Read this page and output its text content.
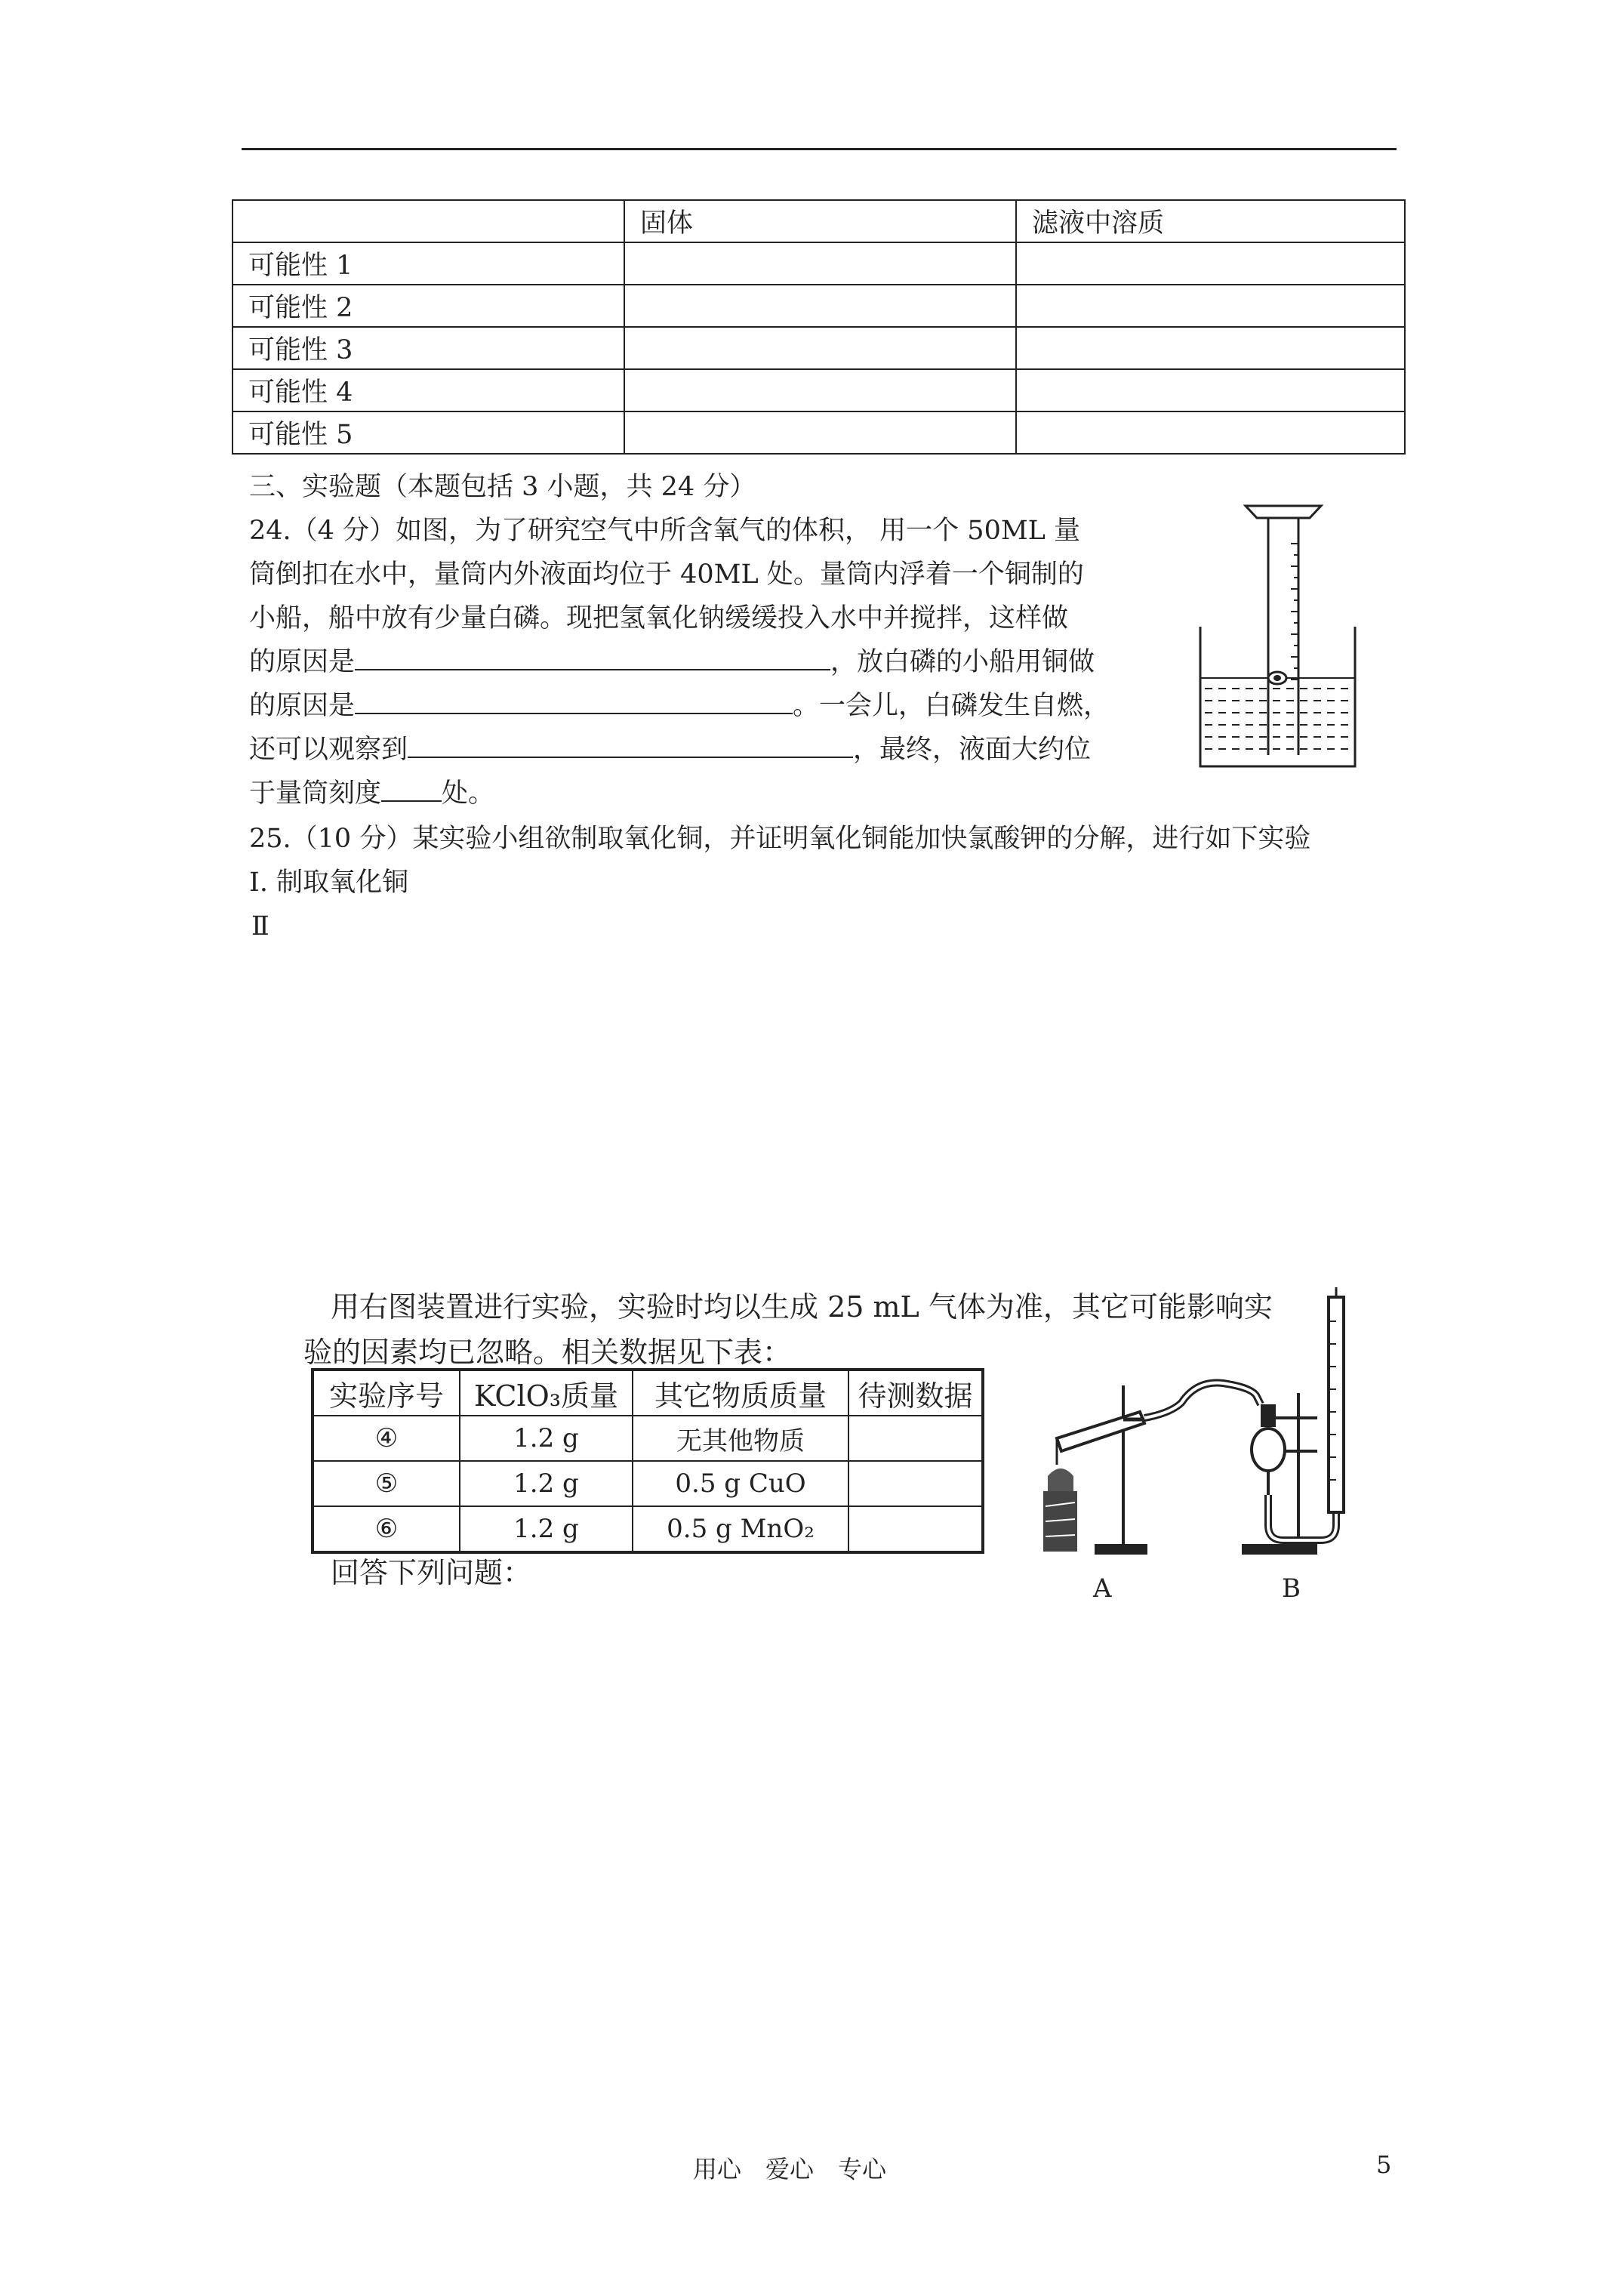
	固体	滤液中溶质
可能性 1		
可能性 2		
可能性 3		
可能性 4		
可能性 5		
三、实验题（本题包括 3 小题，共 24 分）
24.（4 分）如图，为了研究空气中所含氧气的体积， 用一个 50ML 量
筒倒扣在水中，量筒内外液面均位于 40ML 处。量筒内浮着一个铜制的
小船，船中放有少量白磷。现把氢氧化钠缓缓投入水中并搅拌，这样做
的原因是	，放白磷的小船用铜做
的原因是	。一会儿，白磷发生自燃，
还可以观察到	，最终，液面大约位
于量筒刻度 处。
25.（10 分）某实验小组欲制取氧化铜，并证明氧化铜能加快氯酸钾的分解，进行如下实验
Ⅰ. 制取氧化铜
Ⅱ
用右图装置进行实验，实验时均以生成 25 mL 气体为准，其它可能影响实
验的因素均已忽略。相关数据见下表：
实验序号	KClO₃质量	其它物质质量	待测数据
④	1.2 g	无其他物质	
⑤	1.2 g	0.5 g CuO	
⑥	1.2 g	0.5 g MnO₂	
回答下列问题：	A	B
用心　爱心　专心	5
